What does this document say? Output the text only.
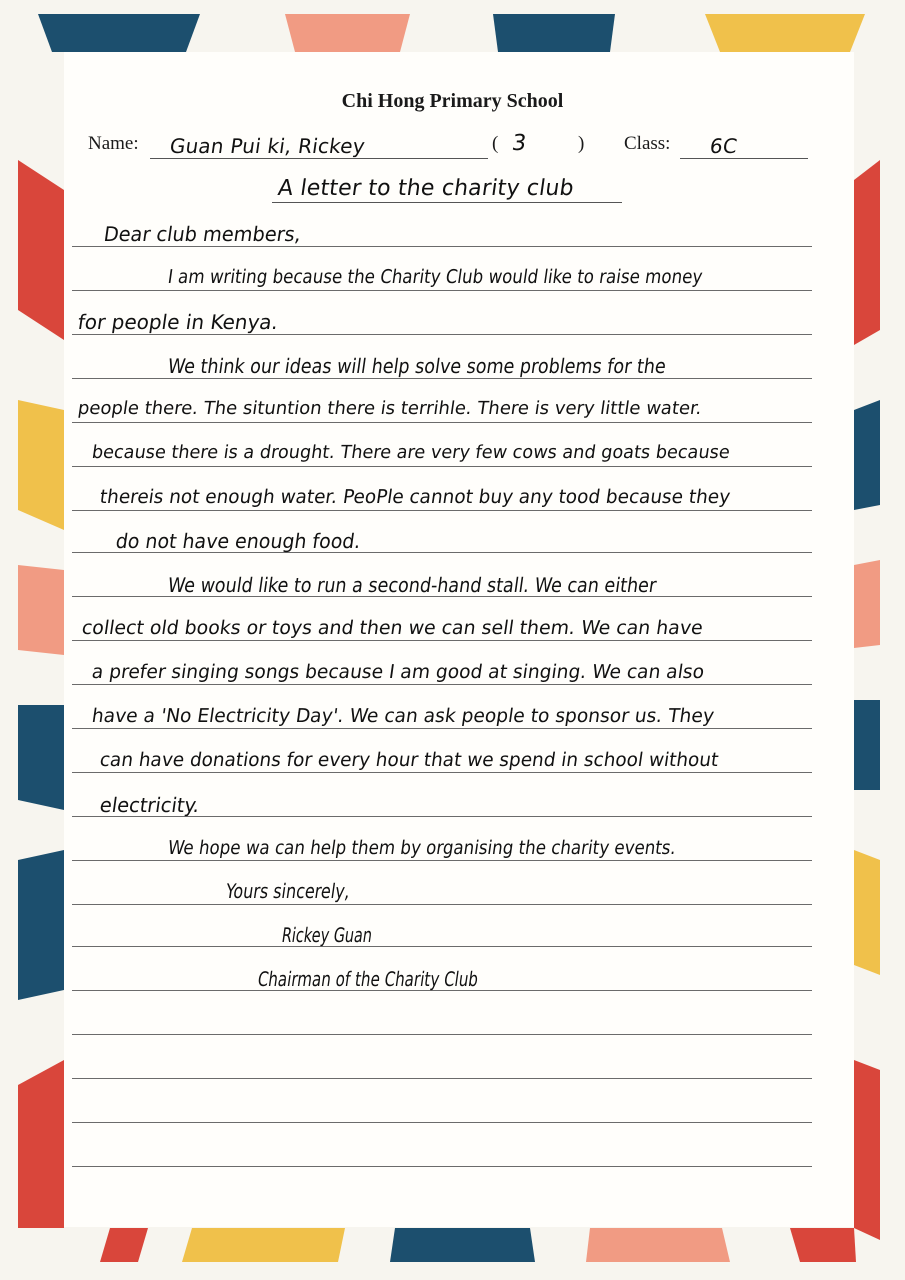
Chi Hong Primary School
Name: Guan Pui ki, Rickey	( 3	) Class: 6C
A letter to the charity club
Dear club members,
I am writing because the Charity Club would like to raise money
for people in Kenya.
We think our ideas will help solve some problems for the
people there. The situntion there is terrihle. There is very little water.
because there is a drought. There are very few cows and goats because
thereis not enough water. PeoPle cannot buy any tood because they
do not have enough food.
We would like to run a second-hand stall. We can either
collect old books or toys and then we can sell them. We can have
a prefer singing songs because I am good at singing. We can also
have a 'No Electricity Day'. We can ask people to sponsor us. They
can have donations for every hour that we spend in school without
electricity.
We hope wa can help them by organising the charity events.
Yours sincerely,
Rickey Guan
Chairman of the Charity Club
